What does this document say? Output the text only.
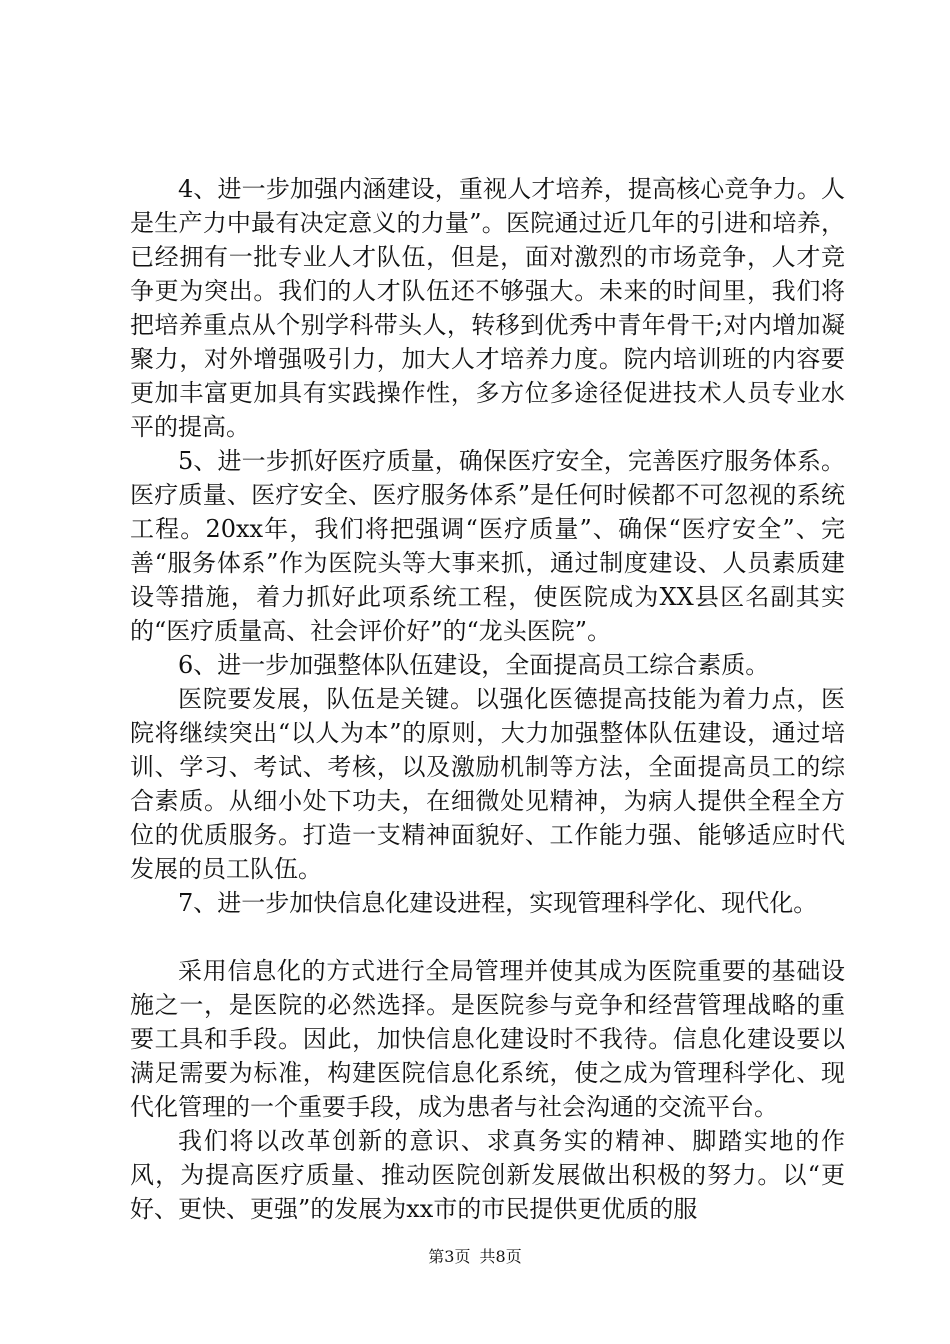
4、进一步加强内涵建设，重视人才培养，提高核心竞争力。人是生产力中最有决定意义的力量”。医院通过近几年的引进和培养，已经拥有一批专业人才队伍，但是，面对激烈的市场竞争，人才竞争更为突出。我们的人才队伍还不够强大。未来的时间里，我们将把培养重点从个别学科带头人，转移到优秀中青年骨干;对内增加凝聚力，对外增强吸引力，加大人才培养力度。院内培训班的内容要更加丰富更加具有实践操作性，多方位多途径促进技术人员专业水平的提高。

5、进一步抓好医疗质量，确保医疗安全，完善医疗服务体系。医疗质量、医疗安全、医疗服务体系”是任何时候都不可忽视的系统工程。20xx年，我们将把强调“医疗质量”、确保“医疗安全”、完善“服务体系”作为医院头等大事来抓，通过制度建设、人员素质建设等措施，着力抓好此项系统工程，使医院成为XX县区名副其实的“医疗质量高、社会评价好”的“龙头医院”。

6、进一步加强整体队伍建设，全面提高员工综合素质。

医院要发展，队伍是关键。以强化医德提高技能为着力点，医院将继续突出“以人为本”的原则，大力加强整体队伍建设，通过培训、学习、考试、考核，以及激励机制等方法，全面提高员工的综合素质。从细小处下功夫，在细微处见精神，为病人提供全程全方位的优质服务。打造一支精神面貌好、工作能力强、能够适应时代发展的员工队伍。

7、进一步加快信息化建设进程，实现管理科学化、现代化。

采用信息化的方式进行全局管理并使其成为医院重要的基础设施之一，是医院的必然选择。是医院参与竞争和经营管理战略的重要工具和手段。因此，加快信息化建设时不我待。信息化建设要以满足需要为标准，构建医院信息化系统，使之成为管理科学化、现代化管理的一个重要手段，成为患者与社会沟通的交流平台。

我们将以改革创新的意识、求真务实的精神、脚踏实地的作风，为提高医疗质量、推动医院创新发展做出积极的努力。以“更好、更快、更强”的发展为xx市的市民提供更优质的服

第3页 共8页
